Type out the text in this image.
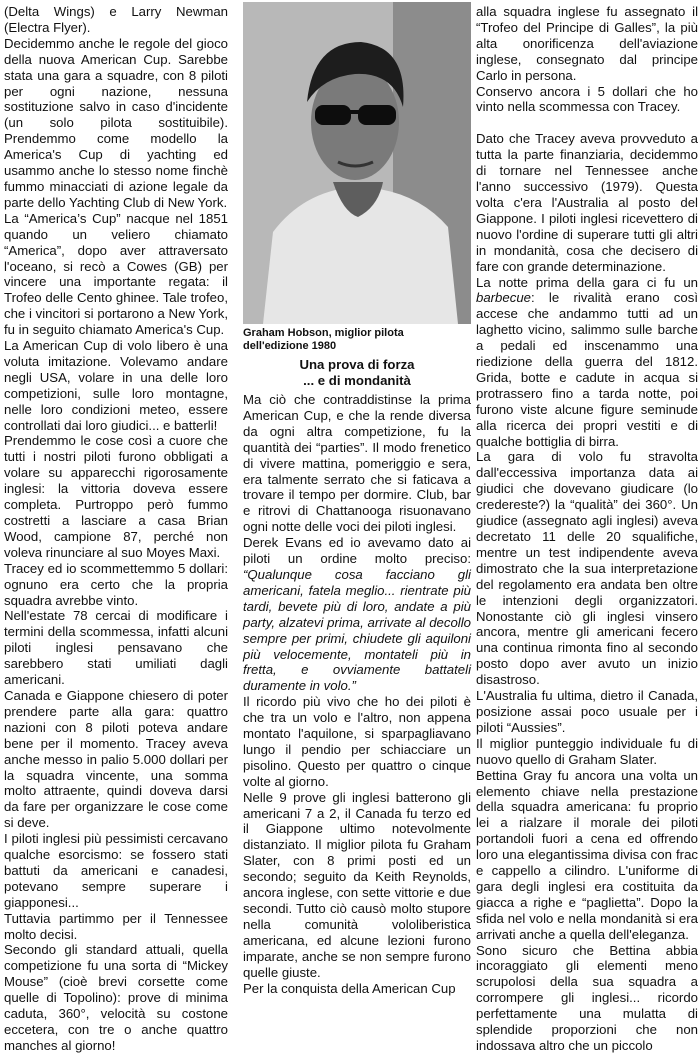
(Delta Wings) e Larry Newman (Electra Flyer).

Decidemmo anche le regole del gioco della nuova American Cup. Sarebbe stata una gara a squadre, con 8 piloti per ogni nazione, nessuna sostituzione salvo in caso d'incidente (un solo pilota sostituibile). Prendemmo come modello la America's Cup di yachting ed usammo anche lo stesso nome finchè fummo minacciati di azione legale da parte dello Yachting Club di New York.

La “America’s Cup” nacque nel 1851 quando un veliero chiamato “America”, dopo aver attraversato l'oceano, si recò a Cowes (GB) per vincere una importante regata: il Trofeo delle Cento ghinee. Tale trofeo, che i vincitori si portarono a New York, fu in seguito chiamato America's Cup.

La American Cup di volo libero è una voluta imitazione. Volevamo andare negli USA, volare in una delle loro competizioni, sulle loro montagne, nelle loro condizioni meteo, essere controllati dai loro giudici... e batterli!

Prendemmo le cose così a cuore che tutti i nostri piloti furono obbligati a volare su apparecchi rigorosamente inglesi: la vittoria doveva essere completa. Purtroppo però fummo costretti a lasciare a casa Brian Wood, campione 87, perché non voleva rinunciare al suo Moyes Maxi.

Tracey ed io scommettemmo 5 dollari: ognuno era certo che la propria squadra avrebbe vinto.

Nell'estate 78 cercai di modificare i termini della scommessa, infatti alcuni piloti inglesi pensavano che sarebbero stati umiliati dagli americani.

Canada e Giappone chiesero di poter prendere parte alla gara: quattro nazioni con 8 piloti poteva andare bene per il momento. Tracey aveva anche messo in palio 5.000 dollari per la squadra vincente, una somma molto attraente, quindi doveva darsi da fare per organizzare le cose come si deve.

I piloti inglesi più pessimisti cercavano qualche esorcismo: se fossero stati battuti da americani e canadesi, potevano sempre superare i giapponesi...

Tuttavia partimmo per il Tennessee molto decisi.

Secondo gli standard attuali, quella competizione fu una sorta di “Mickey Mouse” (cioè brevi corsette come quelle di Topolino): prove di minima caduta, 360°, velocità su costone eccetera, con tre o anche quattro manches al giorno!

Graham Hobson, miglior pilota dell'edizione 1980
Una prova di forza
... e di mondanità

Ma ciò che contraddistinse la prima American Cup, e che la rende diversa da ogni altra competizione, fu la quantità dei “parties”. Il modo frenetico di vivere mattina, pomeriggio e sera, era talmente serrato che si faticava a trovare il tempo per dormire. Club, bar e ritrovi di Chattanooga risuonavano ogni notte delle voci dei piloti inglesi.

Derek Evans ed io avevamo dato ai piloti un ordine molto preciso: “Qualunque cosa facciano gli americani, fatela meglio... rientrate più tardi, bevete più di loro, andate a più party, alzatevi prima, arrivate al decollo sempre per primi, chiudete gli aquiloni più velocemente, montateli più in fretta, e ovviamente battateli duramente in volo.”

Il ricordo più vivo che ho dei piloti è che tra un volo e l'altro, non appena montato l'aquilone, si sparpagliavano lungo il pendio per schiacciare un pisolino. Questo per quattro o cinque volte al giorno.

Nelle 9 prove gli inglesi batterono gli americani 7 a 2, il Canada fu terzo ed il Giappone ultimo notevolmente distanziato. Il miglior pilota fu Graham Slater, con 8 primi posti ed un secondo; seguito da Keith Reynolds, ancora inglese, con sette vittorie e due secondi. Tutto ciò causò molto stupore nella comunità vololiberistica americana, ed alcune lezioni furono imparate, anche se non sempre furono quelle giuste.

Per la conquista della American Cup

alla squadra inglese fu assegnato il “Trofeo del Principe di Galles”, la più alta onorificenza dell'aviazione inglese, consegnato dal principe Carlo in persona.

Conservo ancora i 5 dollari che ho vinto nella scommessa con Tracey.

Dato che Tracey aveva provveduto a tutta la parte finanziaria, decidemmo di tornare nel Tennessee anche l'anno successivo (1979). Questa volta c'era l'Australia al posto del Giappone. I piloti inglesi ricevettero di nuovo l'ordine di superare tutti gli altri in mondanità, cosa che decisero di fare con grande determinazione.

La notte prima della gara ci fu un barbecue: le rivalità erano così accese che andammo tutti ad un laghetto vicino, salimmo sulle barche a pedali ed inscenammo una riedizione della guerra del 1812. Grida, botte e cadute in acqua si protrassero fino a tarda notte, poi furono viste alcune figure seminude alla ricerca dei propri vestiti e di qualche bottiglia di birra.

La gara di volo fu stravolta dall'eccessiva importanza data ai giudici che dovevano giudicare (lo credereste?) la “qualità” dei 360°. Un giudice (assegnato agli inglesi) aveva decretato 11 delle 20 squalifiche, mentre un test indipendente aveva dimostrato che la sua interpretazione del regolamento era andata ben oltre le intenzioni degli organizzatori. Nonostante ciò gli inglesi vinsero ancora, mentre gli americani fecero una continua rimonta fino al secondo posto dopo aver avuto un inizio disastroso.

L'Australia fu ultima, dietro il Canada, posizione assai poco usuale per i piloti “Aussies”.

Il miglior punteggio individuale fu di nuovo quello di Graham Slater.

Bettina Gray fu ancora una volta un elemento chiave nella prestazione della squadra americana: fu proprio lei a rialzare il morale dei piloti portandoli fuori a cena ed offrendo loro una elegantissima divisa con frac e cappello a cilindro. L'uniforme di gara degli inglesi era costituita da giacca a righe e “paglietta”. Dopo la sfida nel volo e nella mondanità si era arrivati anche a quella dell'eleganza.

Sono sicuro che Bettina abbia incoraggiato gli elementi meno scrupolosi della sua squadra a corrompere gli inglesi... ricordo perfettamente una mulatta di splendide proporzioni che non indossava altro che un piccolo
